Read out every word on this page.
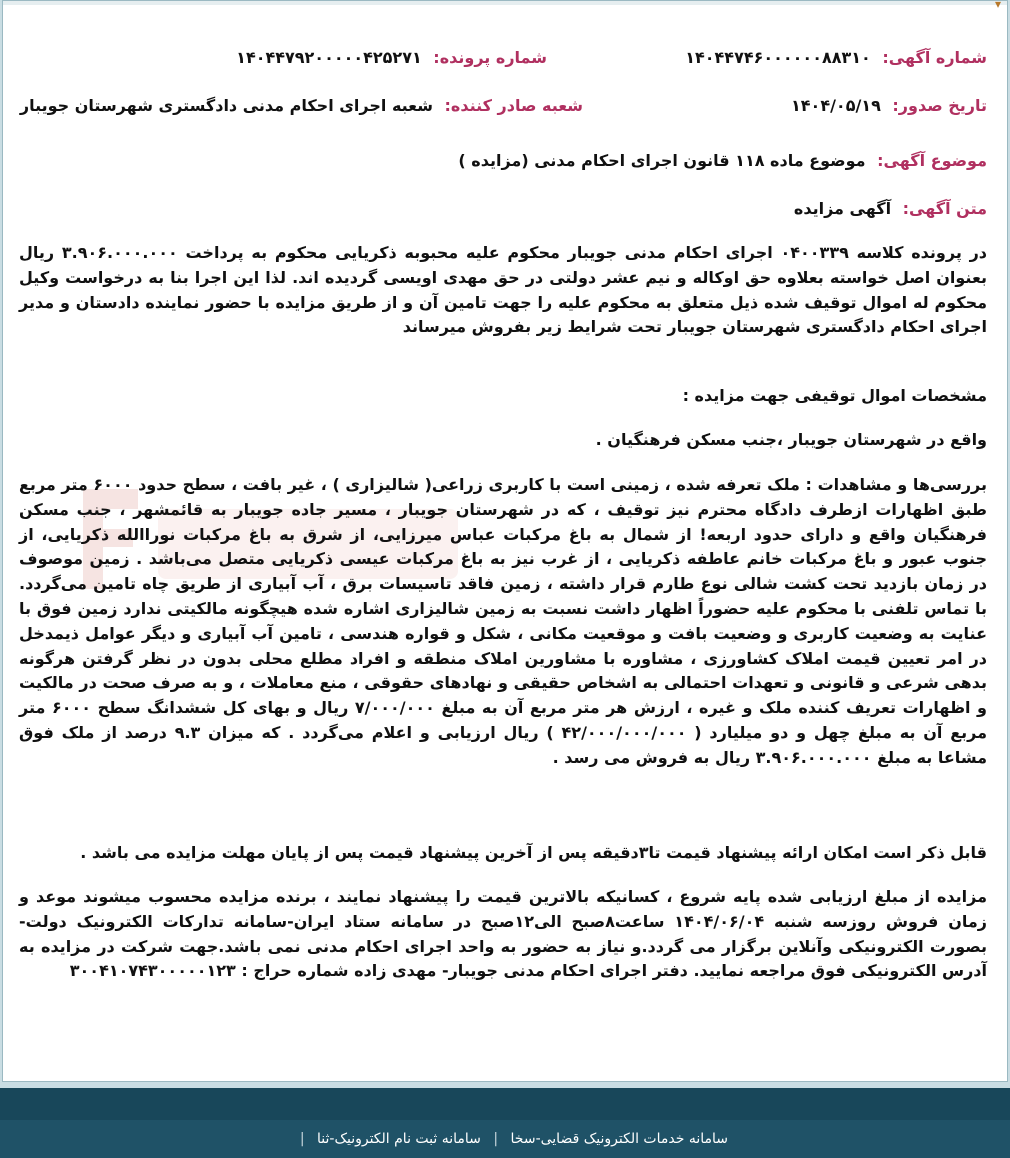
▾
شماره آگهی: ۱۴۰۴۴۷۴۶۰۰۰۰۰۰۸۸۳۱۰
شماره پرونده: ۱۴۰۴۴۷۹۲۰۰۰۰۰۴۲۵۲۷۱
تاریخ صدور: ۱۴۰۴/۰۵/۱۹
شعبه صادر کننده: شعبه اجرای احکام مدنی دادگستری شهرستان جویبار
موضوع آگهی: موضوع ماده ۱۱۸ قانون اجرای احکام مدنی (مزایده )
متن آگهی: آگهی مزایده
در پرونده کلاسه ۰۴۰۰۳۳۹ اجرای احکام مدنی جویبار محکوم علیه محبوبه ذکریایی محکوم به پرداخت ۳.۹۰۶.۰۰۰.۰۰۰ ریال بعنوان اصل خواسته بعلاوه حق اوکاله و نیم عشر دولتی در حق مهدی اویسی گردیده اند. لذا این اجرا بنا به درخواست وکیل محکوم له اموال توقیف شده ذیل متعلق به محکوم علیه را جهت تامین آن و از طریق مزایده با حضور نماینده دادستان و مدیر اجرای احکام دادگستری شهرستان جویبار تحت شرایط زیر بفروش میرساند
مشخصات اموال توقیفی جهت مزایده :
واقع در شهرستان جویبار ،جنب مسکن فرهنگیان .
بررسی‌ها و مشاهدات : ملک تعرفه شده ، زمینی است با کاربری زراعی( شالیزاری ) ، غیر بافت ، سطح حدود ۶۰۰۰ متر مربع طبق اظهارات ازطرف دادگاه محترم نیز توقیف ، که در شهرستان جویبار ، مسیر جاده جویبار به قائمشهر ، جنب مسکن فرهنگیان واقع و دارای حدود اربعه! از شمال به باغ مرکبات عباس میرزایی، از شرق به باغ مرکبات نوراالله ذکریایی، از جنوب عبور و باغ مرکبات خانم عاطفه ذکریایی ، از غرب نیز به باغ مرکبات عیسی ذکریایی متصل می‌باشد . زمین موصوف در زمان بازدید تحت کشت شالی نوع طارم قرار داشته ، زمین فاقد تاسیسات برق ، آب آبیاری از طریق چاه تامین می‌گردد. با تماس تلفنی با محکوم علیه حضوراً اظهار داشت نسبت به زمین شالیزاری اشاره شده هیچگونه مالکیتی ندارد زمین فوق با عنایت به وضعیت کاربری و وضعیت بافت و موقعیت مکانی ، شکل و قواره هندسی ، تامین آب آبیاری و دیگر عوامل ذیمدخل در امر تعیین قیمت املاک کشاورزی ، مشاوره با مشاورین املاک منطقه و افراد مطلع محلی بدون در نظر گرفتن هرگونه بدهی شرعی و قانونی و تعهدات احتمالی به اشخاص حقیقی و نهادهای حقوقی ، منع معاملات ، و به صرف صحت در مالکیت و اظهارات تعریف کننده ملک و غیره ، ارزش هر متر مربع آن به مبلغ ۷/۰۰۰/۰۰۰ ریال و بهای کل ششدانگ سطح ۶۰۰۰ متر مربع آن به مبلغ چهل و دو میلیارد ( ۴۲/۰۰۰/۰۰۰/۰۰۰ ) ریال ارزیابی و اعلام می‌گردد . که میزان ۹.۳ درصد از ملک فوق مشاعا به مبلغ ۳.۹۰۶.۰۰۰.۰۰۰ ریال به فروش می رسد .
قابل ذکر است امکان ارائه پیشنهاد قیمت تا۳دقیقه پس از آخرین پیشنهاد قیمت پس از پایان مهلت مزایده می باشد .
مزایده از مبلغ ارزیابی شده پایه شروع ، کسانیکه بالاترین قیمت را پیشنهاد نمایند ، برنده مزایده محسوب میشوند موعد و زمان فروش روزسه شنبه ۱۴۰۴/۰۶/۰۴ ساعت۸صبح الی۱۲صبح در سامانه ستاد ایران-سامانه تدارکات الکترونیک دولت-بصورت الکترونیکی وآنلاین برگزار می گردد.و نیاز به حضور به واحد اجرای احکام مدنی نمی باشد.جهت شرکت در مزایده به آدرس الکترونیکی فوق مراجعه نمایید. دفتر اجرای احکام مدنی جویبار- مهدی زاده شماره حراج : ۳۰۰۴۱۰۷۴۳۰۰۰۰۰۱۲۳
سامانه خدمات الکترونیک قضایی-سخا | سامانه ثبت نام الکترونیک-ثنا |
